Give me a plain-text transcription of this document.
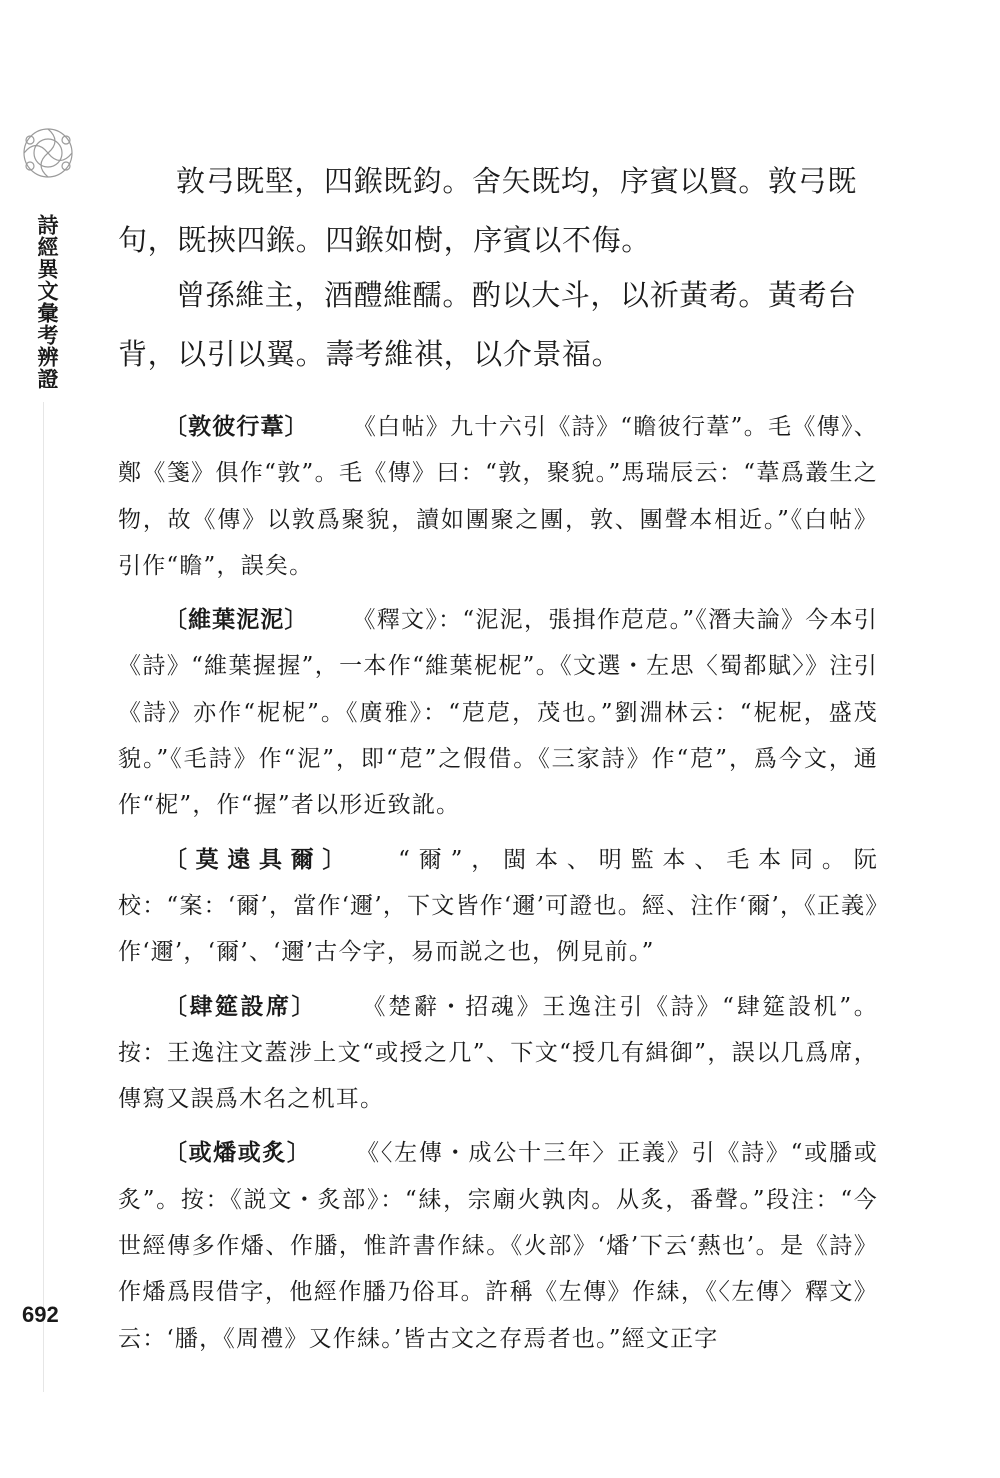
詩經異文彙考辨證
692

敦弓既堅，四鍭既鈞。舍矢既均，序賓以賢。敦弓既句，既挾四鍭。四鍭如樹，序賓以不侮。

曾孫維主，酒醴維醹。酌以大斗，以祈黃耇。黃耇台背，以引以翼。壽考維祺，以介景福。

〔敦彼行葦〕 《白帖》九十六引《詩》“瞻彼行葦”。毛《傳》、鄭《箋》俱作“敦”。毛《傳》曰：“敦，聚貌。”馬瑞辰云：“葦爲叢生之物，故《傳》以敦爲聚貌，讀如團聚之團，敦、團聲本相近。”《白帖》引作“瞻”，誤矣。

〔維葉泥泥〕 《釋文》：“泥泥，張揖作苨苨。”《潛夫論》今本引《詩》“維葉握握”，一本作“維葉柅柅”。《文選・左思〈蜀都賦〉》注引《詩》亦作“柅柅”。《廣雅》：“苨苨，茂也。”劉淵林云：“柅柅，盛茂貌。”《毛詩》作“泥”，即“苨”之假借。《三家詩》作“苨”，爲今文，通作“柅”，作“握”者以形近致訛。

〔莫遠具爾〕 “爾”，閩本、明監本、毛本同。阮校：“案：‘爾’，當作‘邇’，下文皆作‘邇’可證也。經、注作‘爾’，《正義》作‘邇’，‘爾’、‘邇’古今字，易而説之也，例見前。”

〔肆筵設席〕 《楚辭・招魂》王逸注引《詩》“肆筵設机”。按：王逸注文蓋涉上文“或授之几”、下文“授几有緝御”，誤以几爲席，傳寫又誤爲木名之机耳。

〔或燔或炙〕 《〈左傳・成公十三年〉正義》引《詩》“或膰或炙”。按：《説文・炙部》：“䋘，宗廟火孰肉。从炙，番聲。”段注：“今世經傳多作燔、作膰，惟許書作䋘。《火部》‘燔’下云‘爇也’。是《詩》作燔爲叚借字，他經作膰乃俗耳。許稱《左傳》作䋘，《〈左傳〉釋文》云：‘膰，《周禮》又作䋘。’皆古文之存焉者也。”經文正字
